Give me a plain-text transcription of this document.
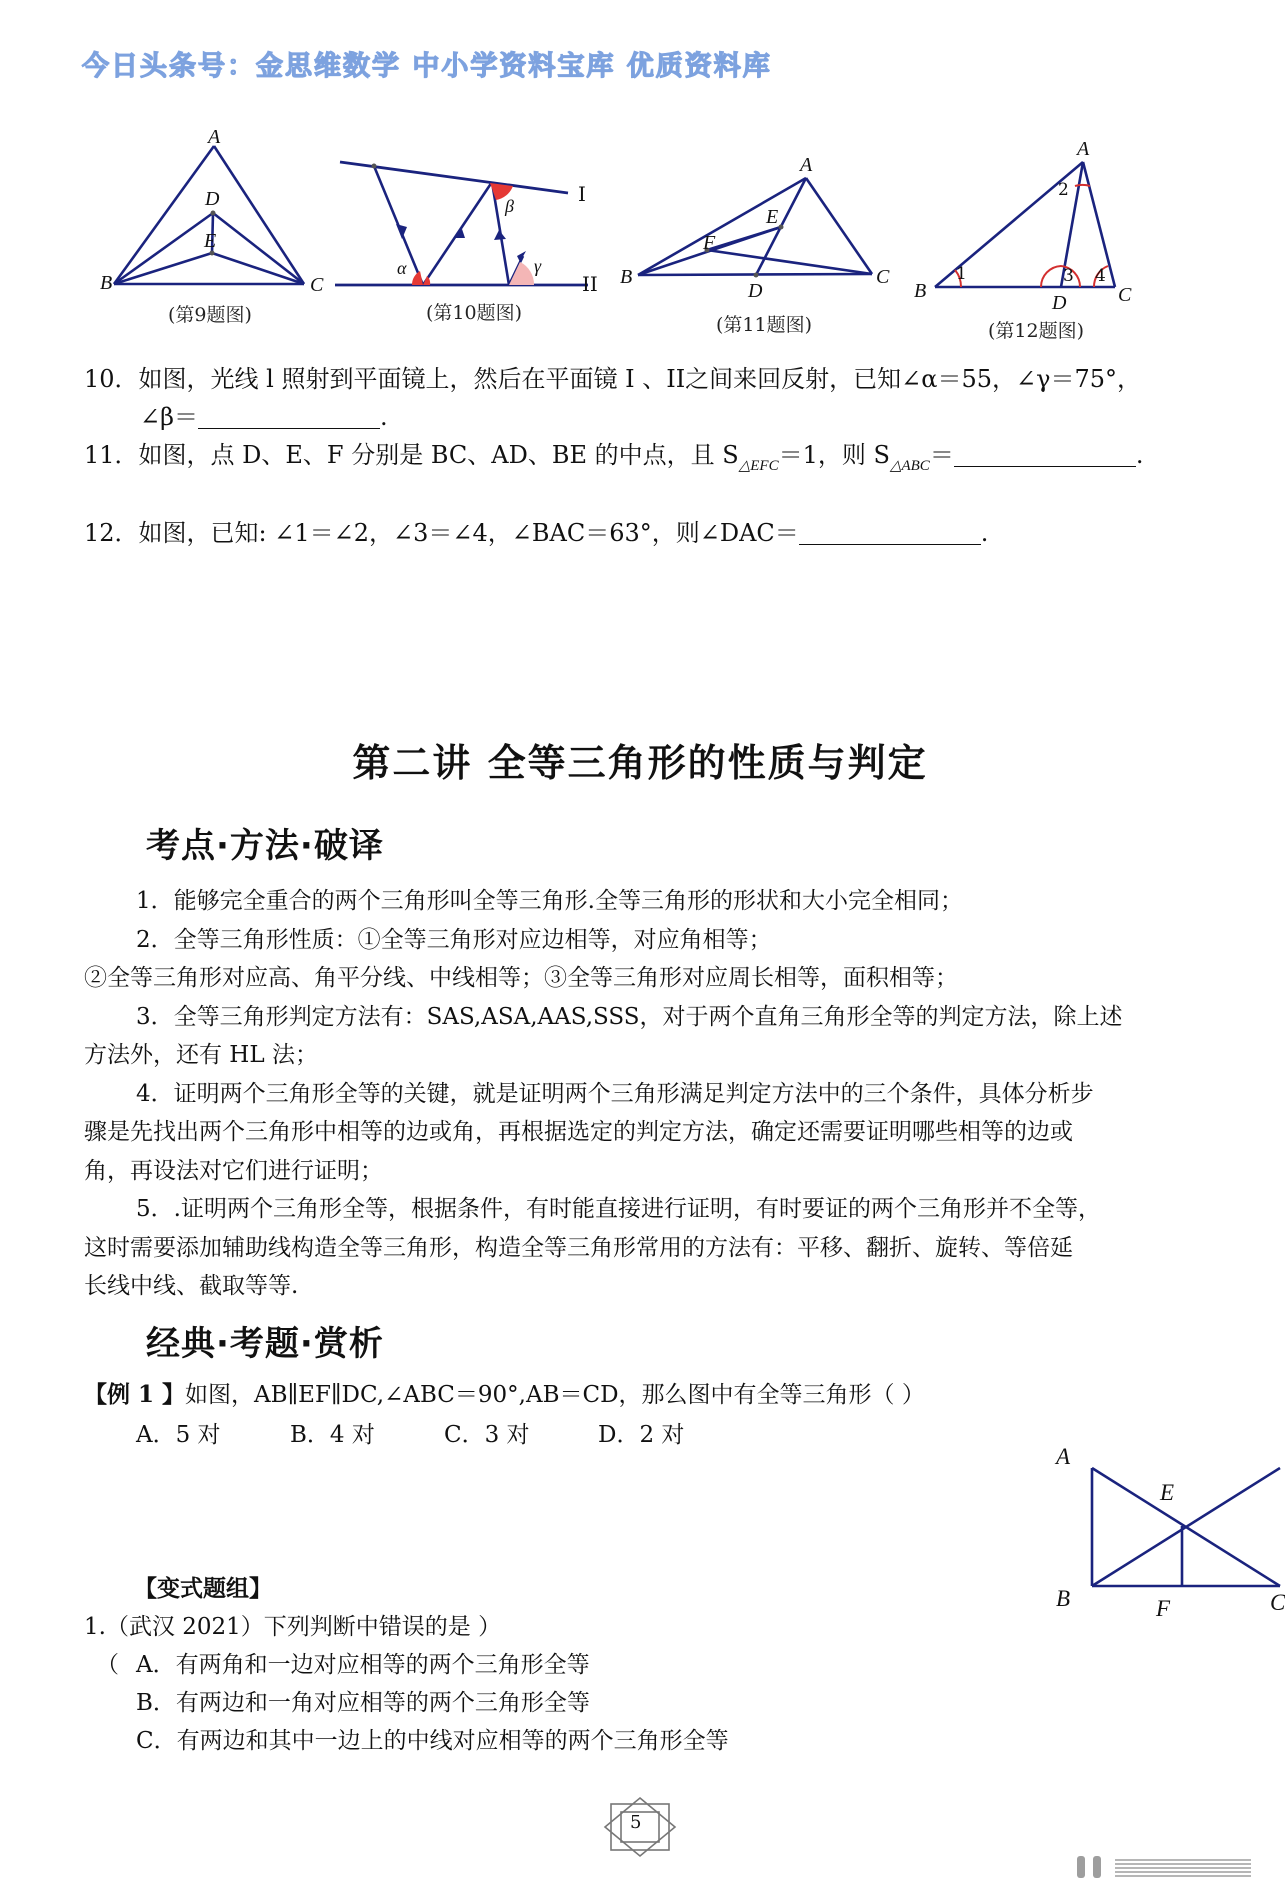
今日头条号：金思维数学 中小学资料宝库 优质资料库
A
D
E
B	C
(第9题图)
α
β
γ
I
II
(第10题图)
A
E
F
B	C
D
(第11题图)
A
2
1	3 4
B
D	C
(第12题图)
10．如图，光线 l 照射到平面镜上，然后在平面镜 I 、II之间来回反射，已知∠α＝55，∠γ＝75°，
∠β＝	.
11．如图，点 D、E、F 分别是 BC、AD、BE 的中点，且 $S_{\triangle EFC}=1$，则 $S_{\triangle ABC}=$	.
12．如图，已知: ∠1＝∠2，∠3＝∠4，∠BAC＝63°，则∠DAC＝	.
第二讲 全等三角形的性质与判定
考点·方法·破译
1．能够完全重合的两个三角形叫全等三角形.全等三角形的形状和大小完全相同；
2．全等三角形性质：①全等三角形对应边相等，对应角相等；
②全等三角形对应高、角平分线、中线相等；③全等三角形对应周长相等，面积相等；
3．全等三角形判定方法有：SAS,ASA,AAS,SSS，对于两个直角三角形全等的判定方法，除上述
方法外，还有 HL 法；
4．证明两个三角形全等的关键，就是证明两个三角形满足判定方法中的三个条件，具体分析步
骤是先找出两个三角形中相等的边或角，再根据选定的判定方法，确定还需要证明哪些相等的边或
角，再设法对它们进行证明；
5．.证明两个三角形全等，根据条件，有时能直接进行证明，有时要证的两个三角形并不全等，
这时需要添加辅助线构造全等三角形，构造全等三角形常用的方法有：平移、翻折、旋转、等倍延
长线中线、截取等等.
经典·考题·赏析
【例 1 】如图，AB∥EF∥DC,∠ABC＝90°,AB＝CD，那么图中有全等三角形（ ）
A．5 对	B．4 对	C．3 对	D．2 对
A
E
B	F	C
【变式题组】
1.（武汉 2021）下列判断中错误的是 ）
（ A．有两角和一边对应相等的两个三角形全等
B．有两边和一角对应相等的两个三角形全等
C．有两边和其中一边上的中线对应相等的两个三角形全等
5
